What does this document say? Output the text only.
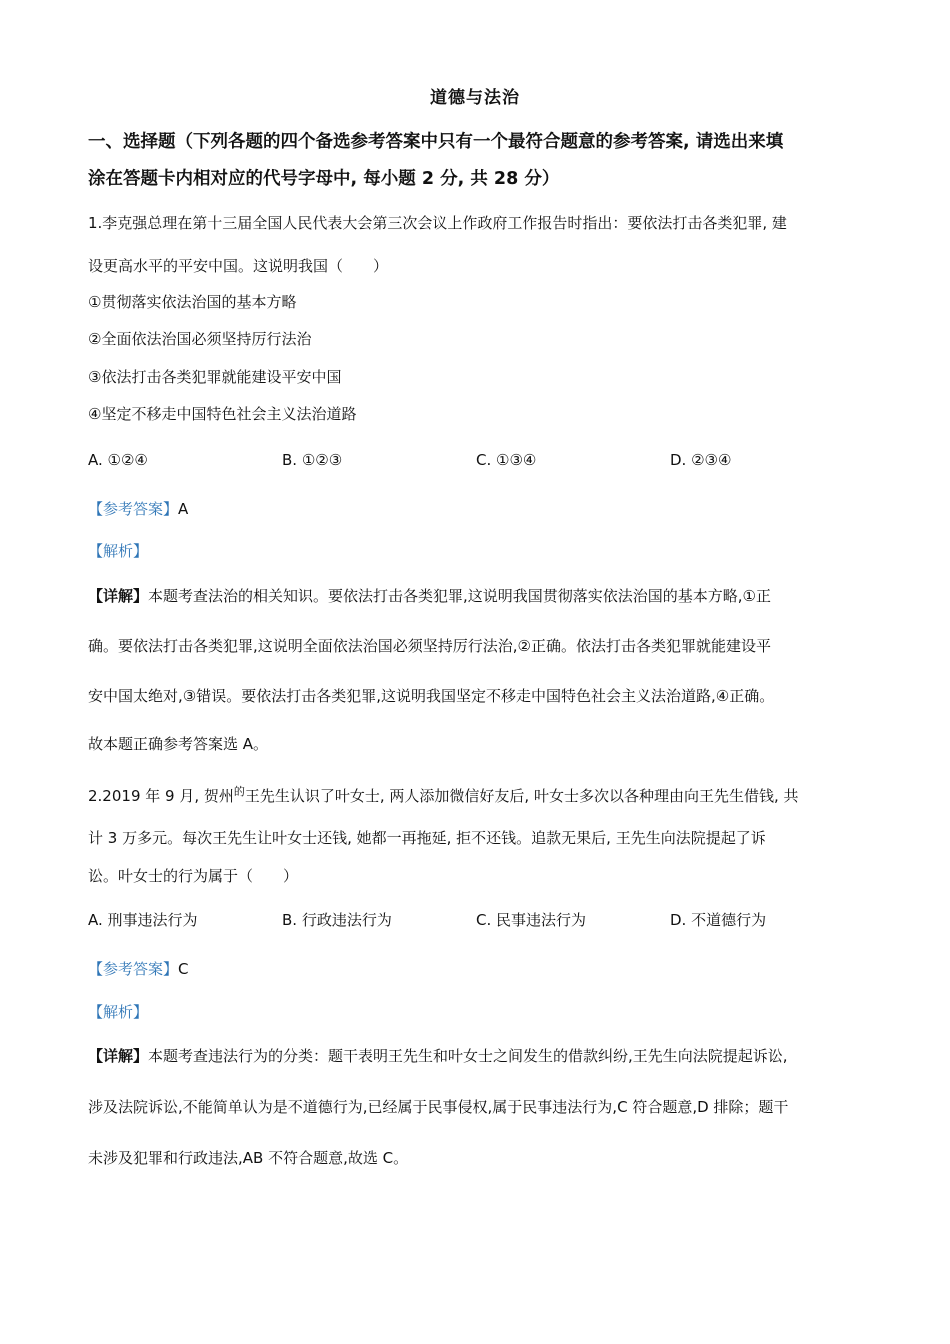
道德与法治
一、选择题（下列各题的四个备选参考答案中只有一个最符合题意的参考答案, 请选出来填
涂在答题卡内相对应的代号字母中, 每小题 2 分, 共 28 分）
1.李克强总理在第十三届全国人民代表大会第三次会议上作政府工作报告时指出：要依法打击各类犯罪, 建
设更高水平的平安中国。这说明我国（　　）
①贯彻落实依法治国的基本方略
②全面依法治国必须坚持厉行法治
③依法打击各类犯罪就能建设平安中国
④坚定不移走中国特色社会主义法治道路
A. ①②④	B. ①②③	C. ①③④	D. ②③④
【参考答案】A
【解析】
【详解】本题考查法治的相关知识。要依法打击各类犯罪,这说明我国贯彻落实依法治国的基本方略,①正
确。要依法打击各类犯罪,这说明全面依法治国必须坚持厉行法治,②正确。依法打击各类犯罪就能建设平
安中国太绝对,③错误。要依法打击各类犯罪,这说明我国坚定不移走中国特色社会主义法治道路,④正确。
故本题正确参考答案选 A。
2.2019 年 9 月, 贺州$^的$王先生认识了叶女士, 两人添加微信好友后, 叶女士多次以各种理由向王先生借钱, 共
计 3 万多元。每次王先生让叶女士还钱, 她都一再拖延, 拒不还钱。追款无果后, 王先生向法院提起了诉
讼。叶女士的行为属于（　　）
A. 刑事违法行为	B. 行政违法行为	C. 民事违法行为	D. 不道德行为
【参考答案】C
【解析】
【详解】本题考查违法行为的分类：题干表明王先生和叶女士之间发生的借款纠纷,王先生向法院提起诉讼,
涉及法院诉讼,不能简单认为是不道德行为,已经属于民事侵权,属于民事违法行为,C 符合题意,D 排除；题干
未涉及犯罪和行政违法,AB 不符合题意,故选 C。
